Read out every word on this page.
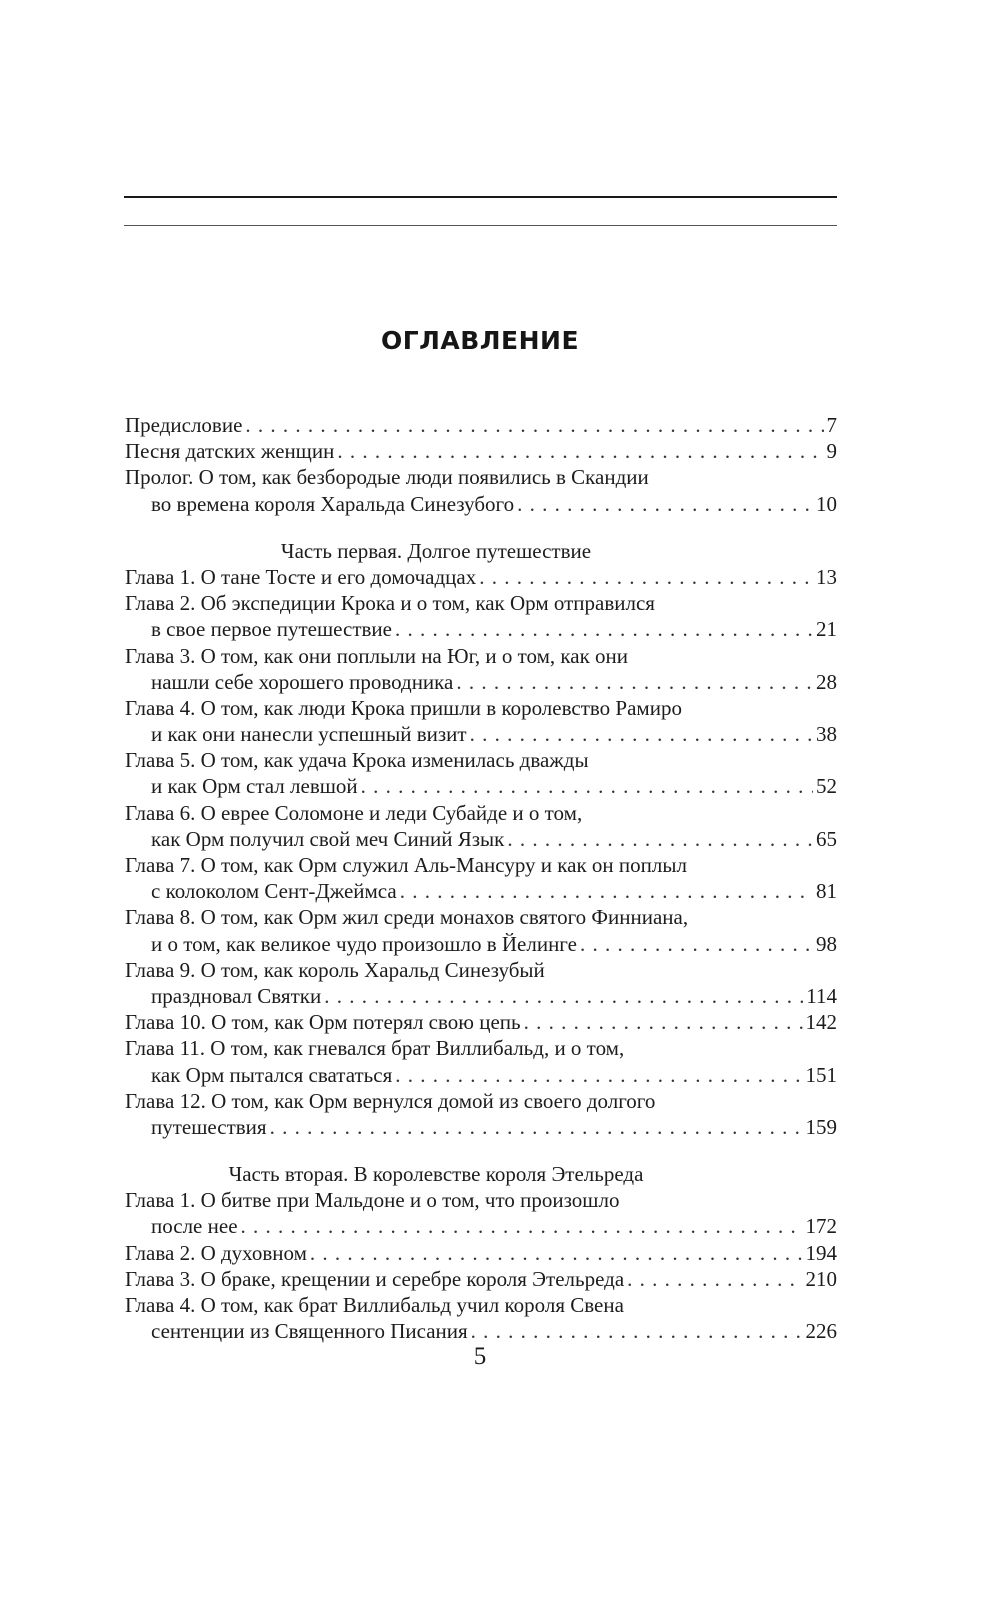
ОГЛАВЛЕНИЕ
Предисловие . . .	7
Песня датских женщин . . .	9
Пролог. О том, как безбородые люди появились в Скандии
во времена короля Харальда Синезубого . . .	10
Часть первая. Долгое путешествие
Глава 1. О тане Тосте и его домочадцах . . .	13
Глава 2. Об экспедиции Крока и о том, как Орм отправился
в свое первое путешествие . . .	21
Глава 3. О том, как они поплыли на Юг, и о том, как они
нашли себе хорошего проводника . . .	28
Глава 4. О том, как люди Крока пришли в королевство Рамиро
и как они нанесли успешный визит . . .	38
Глава 5. О том, как удача Крока изменилась дважды
и как Орм стал левшой . . .	52
Глава 6. О еврее Соломоне и леди Субайде и о том,
как Орм получил свой меч Синий Язык . . .	65
Глава 7. О том, как Орм служил Аль-Мансуру и как он поплыл
с колоколом Сент-Джеймса . . .	81
Глава 8. О том, как Орм жил среди монахов святого Финниана,
и о том, как великое чудо произошло в Йелинге . . .	98
Глава 9. О том, как король Харальд Синезубый
праздновал Святки . . .	114
Глава 10. О том, как Орм потерял свою цепь . . .	142
Глава 11. О том, как гневался брат Виллибальд, и о том,
как Орм пытался свататься . . .	151
Глава 12. О том, как Орм вернулся домой из своего долгого
путешествия . . .	159
Часть вторая. В королевстве короля Этельреда
Глава 1. О битве при Мальдоне и о том, что произошло
после нее . . .	172
Глава 2. О духовном . . .	194
Глава 3. О браке, крещении и серебре короля Этельреда . . .	210
Глава 4. О том, как брат Виллибальд учил короля Свена
сентенции из Священного Писания . . .	226
5
